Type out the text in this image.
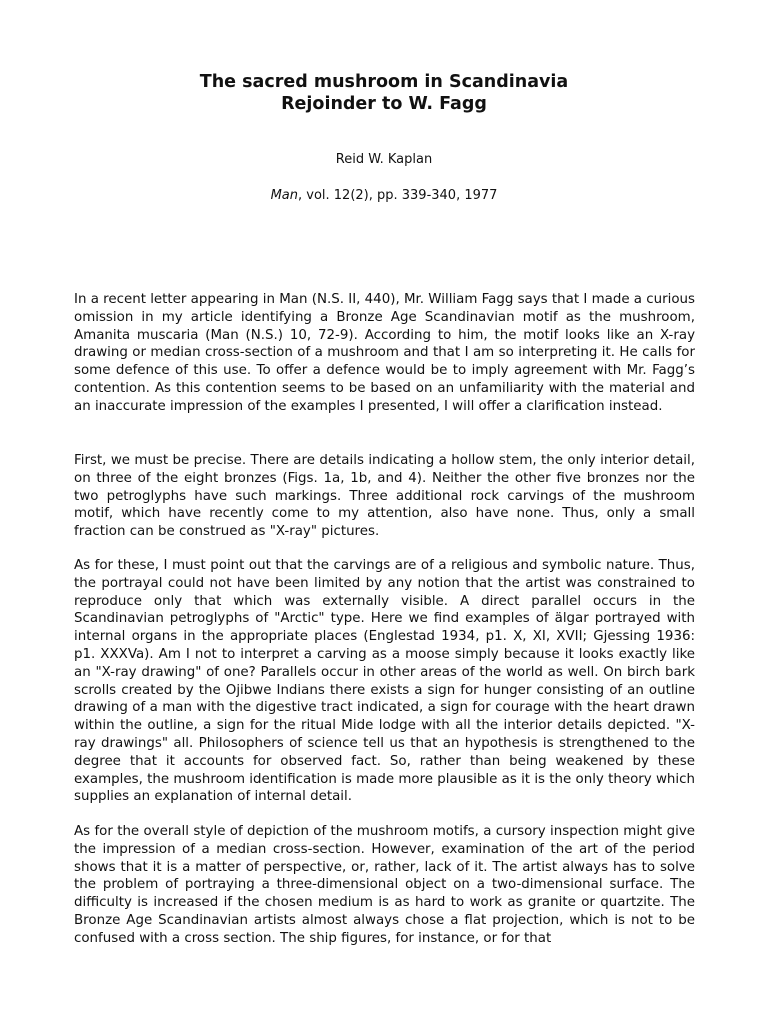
The sacred mushroom in Scandinavia
Rejoinder to W. Fagg
Reid W. Kaplan
Man, vol. 12(2), pp. 339-340, 1977

In a recent letter appearing in Man (N.S. II, 440), Mr. William Fagg says that I made a curious omission in my article identifying a Bronze Age Scandinavian motif as the mushroom, Amanita muscaria (Man (N.S.) 10, 72-9). According to him, the motif looks like an X-ray drawing or median cross-section of a mushroom and that I am so interpreting it. He calls for some defence of this use. To offer a defence would be to imply agreement with Mr. Fagg’s contention. As this contention seems to be based on an unfamiliarity with the material and an inaccurate impression of the examples I presented, I will offer a clarification instead.

First, we must be precise. There are details indicating a hollow stem, the only interior detail, on three of the eight bronzes (Figs. 1a, 1b, and 4). Neither the other five bronzes nor the two petroglyphs have such markings. Three additional rock carvings of the mushroom motif, which have recently come to my attention, also have none. Thus, only a small fraction can be construed as "X-ray" pictures.

As for these, I must point out that the carvings are of a religious and symbolic nature. Thus, the portrayal could not have been limited by any notion that the artist was constrained to reproduce only that which was externally visible. A direct parallel occurs in the Scandinavian petroglyphs of "Arctic" type. Here we find examples of älgar portrayed with internal organs in the appropriate places (Englestad 1934, p1. X, XI, XVII; Gjessing 1936: p1. XXXVa). Am I not to interpret a carving as a moose simply because it looks exactly like an "X-ray drawing" of one? Parallels occur in other areas of the world as well. On birch bark scrolls created by the Ojibwe Indians there exists a sign for hunger consisting of an outline drawing of a man with the digestive tract indicated, a sign for courage with the heart drawn within the outline, a sign for the ritual Mide lodge with all the interior details depicted. "X-ray drawings" all. Philosophers of science tell us that an hypothesis is strengthened to the degree that it accounts for observed fact. So, rather than being weakened by these examples, the mushroom identification is made more plausible as it is the only theory which supplies an explanation of internal detail.

As for the overall style of depiction of the mushroom motifs, a cursory inspection might give the impression of a median cross-section. However, examination of the art of the period shows that it is a matter of perspective, or, rather, lack of it. The artist always has to solve the problem of portraying a three-dimensional object on a two-dimensional surface. The difficulty is increased if the chosen medium is as hard to work as granite or quartzite. The Bronze Age Scandinavian artists almost always chose a flat projection, which is not to be confused with a cross section. The ship figures, for instance, or for that
